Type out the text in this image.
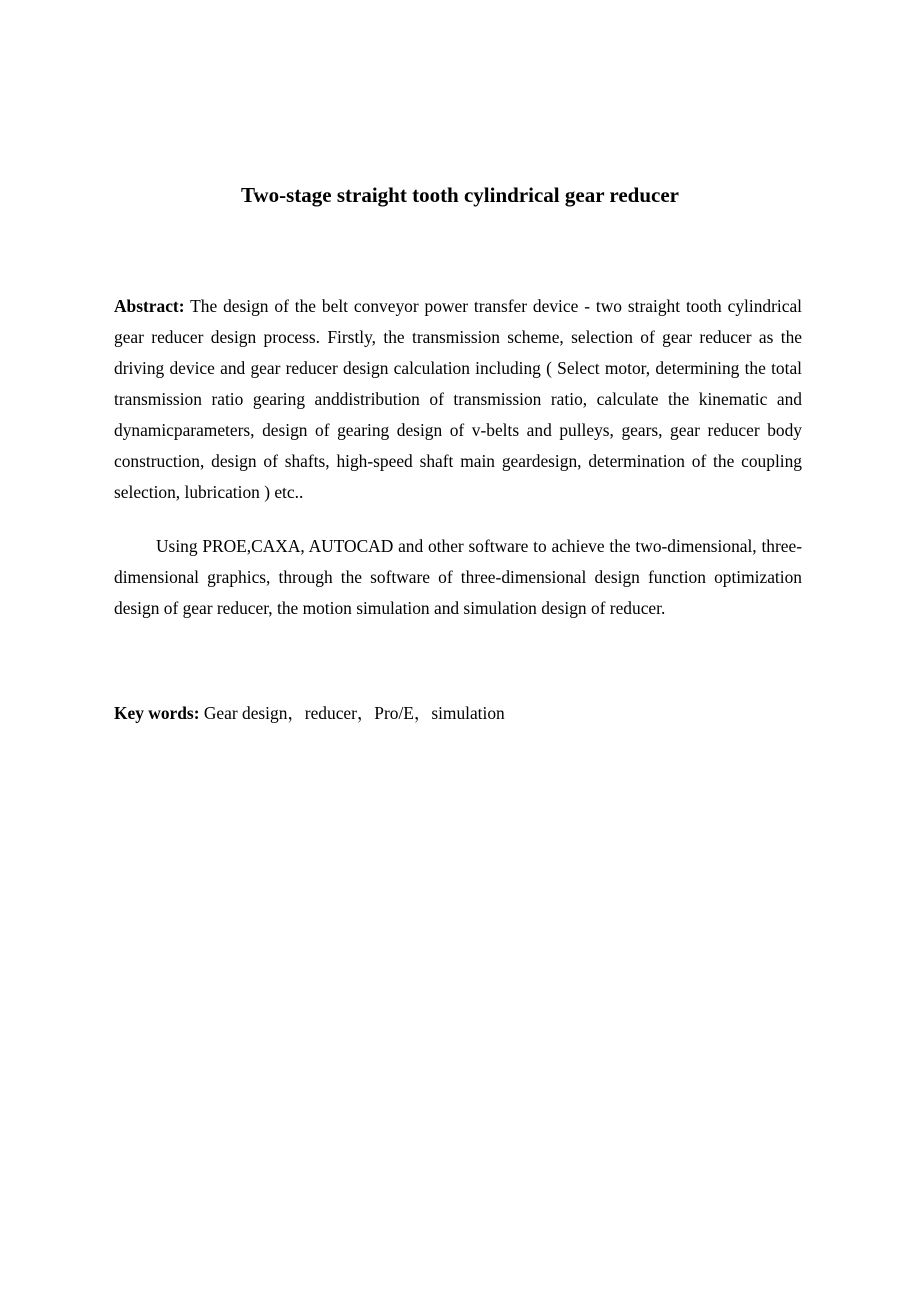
Two-stage straight tooth cylindrical gear reducer

Abstract: The design of the belt conveyor power transfer device - two straight tooth cylindrical gear reducer design process. Firstly, the transmission scheme, selection of gear reducer as the driving device and gear reducer design calculation including ( Select motor, determining the total transmission ratio gearing anddistribution of transmission ratio, calculate the kinematic and dynamicparameters, design of gearing design of v-belts and pulleys, gears, gear reducer body construction, design of shafts, high-speed shaft main geardesign, determination of the coupling selection, lubrication ) etc..

Using PROE,CAXA, AUTOCAD and other software to achieve the two-dimensional, three-dimensional graphics, through the software of three-dimensional design function optimization design of gear reducer, the motion simulation and simulation design of reducer.

Key words: Gear design，reducer，Pro/E，simulation
